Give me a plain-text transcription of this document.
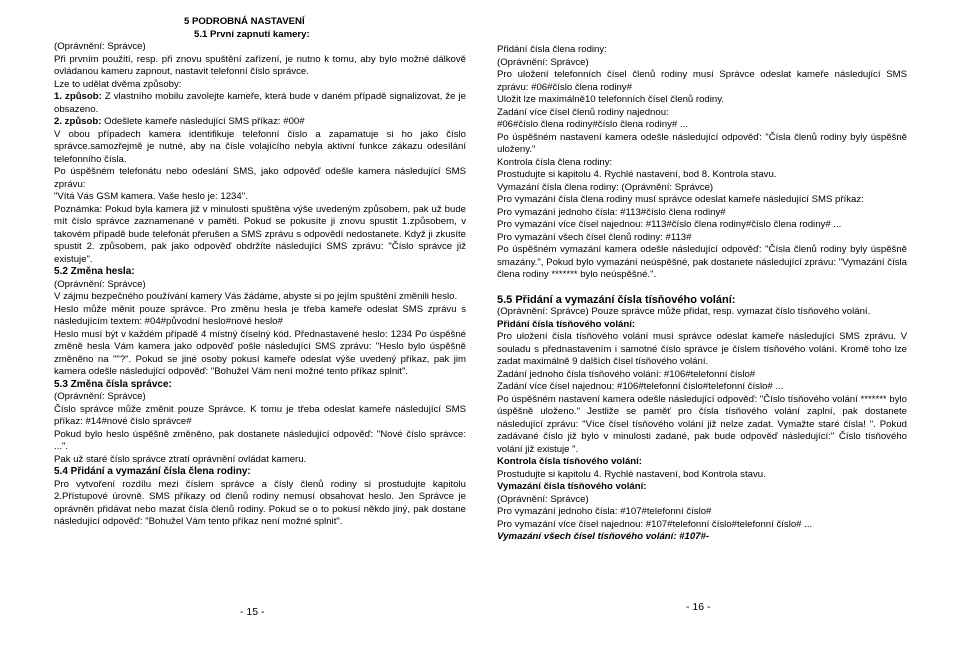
5 PODROBNÁ NASTAVENÍ

5.1 První zapnutí kamery:

(Oprávnění: Správce)

Při prvním použití, resp. při znovu spuštění zařízení, je nutno k tomu, aby bylo možné dálkově ovládanou kameru zapnout, nastavit telefonní číslo správce.

Lze to udělat dvěma způsoby:

1. způsob: Z vlastního mobilu zavolejte kameře, která bude v daném případě signalizovat, že je obsazeno.

2. způsob: Odešlete kameře následující SMS příkaz: #00#

V obou případech kamera identifikuje telefonní číslo a zapamatuje si ho jako číslo správce.samozřejmě je nutné, aby na čísle volajícího nebyla aktivní funkce zákazu odesílání telefonního čísla.

Po úspěšném telefonátu nebo odeslání SMS, jako odpověď odešle kamera následující SMS zprávu:

"Vítá Vás GSM kamera. Vaše heslo je: 1234".

Poznámka: Pokud byla kamera již v minulosti spuštěna výše uvedeným způsobem, pak už bude mít číslo správce zaznamenané v paměti. Pokud se pokusíte ji znovu spustit 1.způsobem, v takovém případě bude telefonát přerušen a SMS zprávu s odpovědí nedostanete. Když ji zkusíte spustit 2. způsobem, pak jako odpověď obdržíte následující SMS zprávu: "Číslo správce již existuje".

5.2 Změna hesla:

(Oprávnění: Správce)

V zájmu bezpečného používání kamery Vás žádáme, abyste si po jejím spuštění změnili heslo.

Heslo může měnit pouze správce. Pro změnu hesla je třeba kameře odeslat SMS zprávu s následujícím textem: #04#původní heslo#nové heslo#

Heslo musí být v každém případě 4 místný číselný kód. Přednastavené heslo: 1234 Po úspěšné změně hesla Vám kamera jako odpověď pošle následující SMS zprávu: "Heslo bylo úspěšně změněno na ""?". Pokud se jiné osoby pokusí kameře odeslat výše uvedený příkaz, pak jim kamera odešle následující odpověď: "Bohužel Vám není možné tento příkaz splnit".

5.3 Změna čísla správce:

(Oprávnění: Správce)

Číslo správce může změnit pouze Správce. K tomu je třeba odeslat kameře následující SMS příkaz: #14#nové číslo správce#

Pokud bylo heslo úspěšně změněno, pak dostanete následující odpověď: "Nové číslo správce: ...".

Pak už staré číslo správce ztratí oprávnění ovládat kameru.

5.4 Přidání a vymazání čísla člena rodiny:

Pro vytvoření rozdílu mezi číslem správce a čísly členů rodiny si prostudujte kapitolu 2.Přístupové úrovně. SMS příkazy od členů rodiny nemusí obsahovat heslo. Jen Správce je oprávněn přidávat nebo mazat čísla členů rodiny. Pokud se o to pokusí někdo jiný, pak dostane následující odpověď: "Bohužel Vám tento příkaz není možné splnit".

- 15 -

Přidání čísla člena rodiny:

(Oprávnění: Správce)

Pro uložení telefonních čísel členů rodiny musí Správce odeslat kameře následující SMS zprávu: #06#číslo člena rodiny#

Uložit lze maximálně10 telefonních čísel členů rodiny.

Zadání více čísel členů rodiny najednou:

#06#číslo člena rodiny#číslo člena rodiny# ...

Po úspěšném nastavení kamera odešle následující odpověď: "Čísla členů rodiny byly úspěšně uloženy."

Kontrola čísla člena rodiny:

Prostudujte si kapitolu 4. Rychlé nastavení, bod 8. Kontrola stavu.

Vymazání čísla člena rodiny: (Oprávnění: Správce)

Pro vymazání čísla člena rodiny musí správce odeslat kameře následující SMS příkaz:

Pro vymazání jednoho čísla: #113#číslo člena rodiny#

Pro vymazání více čísel najednou: #113#číslo člena rodiny#číslo člena rodiny# ...

Pro vymazání všech čísel členů rodiny: #113#

Po úspěšném vymazání kamera odešle následující odpověď: "Čísla členů rodiny byly úspěšně smazány.", Pokud bylo vymazání neúspěšné, pak dostanete následující zprávu: "Vymazání čísla člena rodiny ******* bylo neúspěšné.".

5.5 Přidání a vymazání čísla tísňového volání:

(Oprávnění: Správce) Pouze správce může přidat, resp. vymazat číslo tísňového volání.

Přidání čísla tísňového volání:

Pro uložení čísla tísňového volání musí správce odeslat kameře následující SMS zprávu. V souladu s přednastavením i samotné číslo správce je číslem tísňového volání. Kromě toho lze zadat maximálně 9 dalších čísel tísňového volání.

Zadání jednoho čísla tísňového volání: #106#telefonní číslo#

Zadání více čísel najednou: #106#telefonní číslo#telefonní číslo# ...

Po úspěšném nastavení kamera odešle následující odpověď: "Číslo tísňového volání ******* bylo úspěšně uloženo." Jestliže se paměť pro čísla tísňového volání zaplní, pak dostanete následující zprávu: "Více čísel tísňového volání již nelze zadat. Vymažte staré čísla! ". Pokud zadávané číslo již bylo v minulosti zadané, pak bude odpověď následující:" Číslo tísňového volání již existuje ".

Kontrola čísla tísňového volání:

Prostudujte si kapitolu 4. Rychlé nastavení, bod Kontrola stavu.

Vymazání čísla tísňového volání:

(Oprávnění: Správce)

Pro vymazání jednoho čísla: #107#telefonní číslo#

Pro vymazání více čísel najednou: #107#telefonní číslo#telefonní číslo# ...

Vymazání všech čísel tísňového volání: #107#-

- 16 -
